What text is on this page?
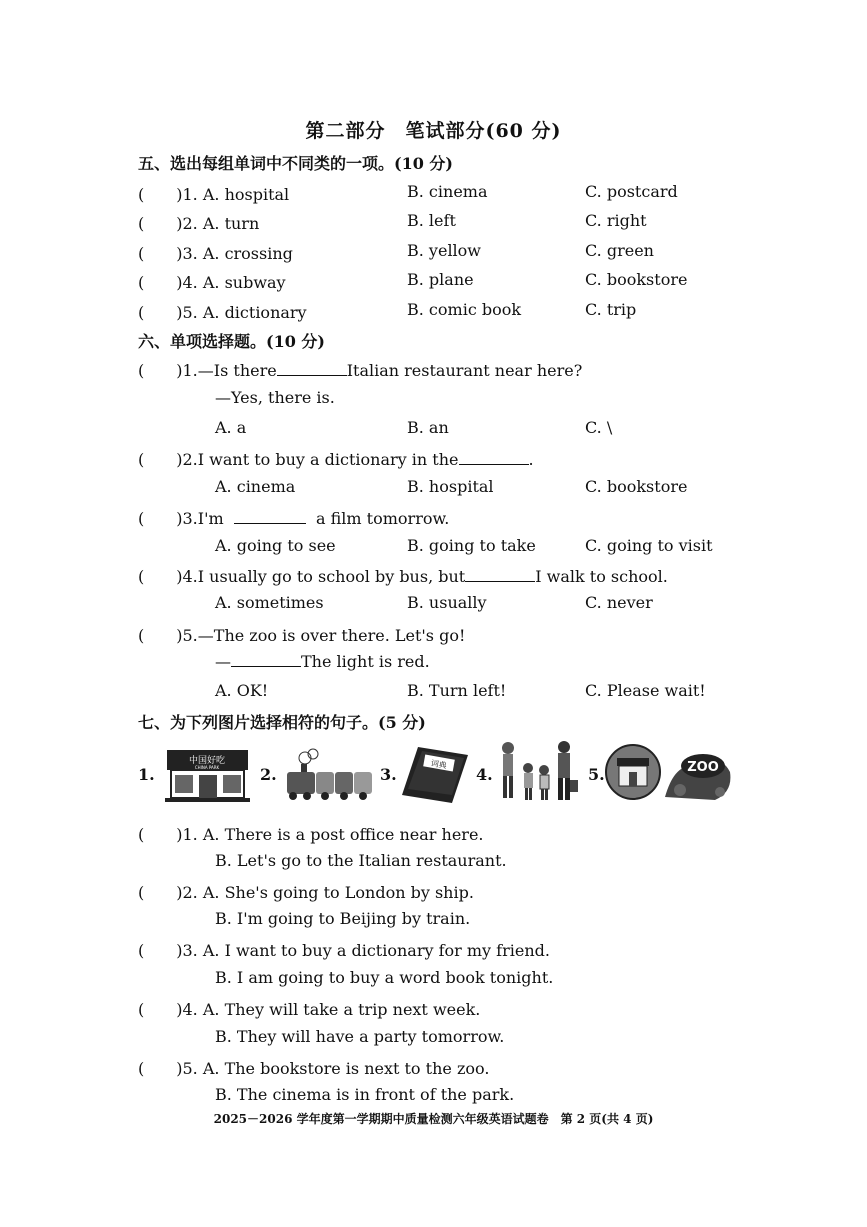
第二部分　笔试部分(60 分)
五、选出每组单词中不同类的一项。(10 分)
(　　)1. A. hospital	B. cinema	C. postcard
(　　)2. A. turn	B. left	C. right
(　　)3. A. crossing	B. yellow	C. green
(　　)4. A. subway	B. plane	C. bookstore
(　　)5. A. dictionary	B. comic book	C. trip
六、单项选择题。(10 分)
(　　)1.—Is there	Italian restaurant near here?
—Yes, there is.
A. a	B. an	C. \
(　　)2.I want to buy a dictionary in the	.
A. cinema	B. hospital	C. bookstore
(　　)3.I'm	a film tomorrow.
A. going to see	B. going to take	C. going to visit
(　　)4.I usually go to school by bus, but	I walk to school.
A. sometimes	B. usually	C. never
(　　)5.—The zoo is over there. Let's go!
—	The light is red.
A. OK!	B. Turn left!	C. Please wait!
七、为下列图片选择相符的句子。(5 分)
1.
中国好吃
CHINA PARK	2.	3.
词典
4.	5.	ZOO
(　　)1. A. There is a post office near here.
B. Let's go to the Italian restaurant.
(　　)2. A. She's going to London by ship.
B. I'm going to Beijing by train.
(　　)3. A. I want to buy a dictionary for my friend.
B. I am going to buy a word book tonight.
(　　)4. A. They will take a trip next week.
B. They will have a party tomorrow.
(　　)5. A. The bookstore is next to the zoo.
B. The cinema is in front of the park.
2025－2026 学年度第一学期期中质量检测六年级英语试题卷　第 2 页(共 4 页)
